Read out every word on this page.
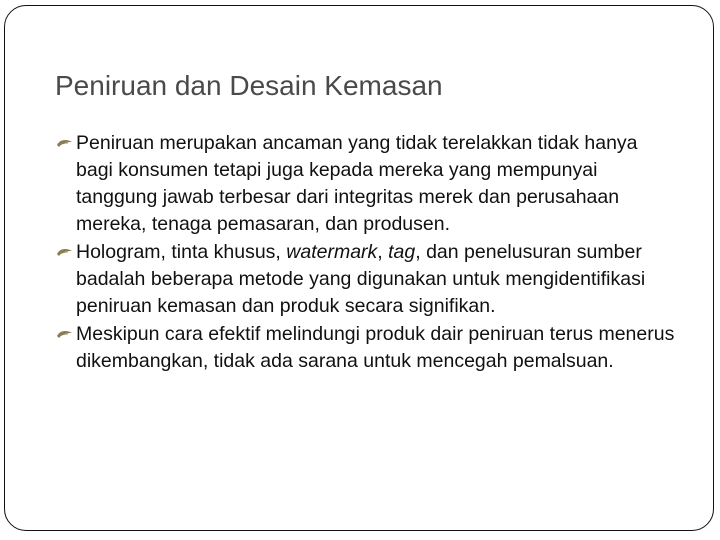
Peniruan dan Desain Kemasan
Peniruan merupakan ancaman yang tidak terelakkan tidak hanya bagi konsumen tetapi juga kepada mereka yang mempunyai tanggung jawab terbesar dari integritas merek dan perusahaan mereka, tenaga pemasaran, dan produsen.
Hologram, tinta khusus, watermark, tag, dan penelusuran sumber badalah beberapa metode yang digunakan untuk mengidentifikasi peniruan kemasan dan produk secara signifikan.
Meskipun cara efektif melindungi produk dair peniruan terus menerus dikembangkan, tidak ada sarana untuk mencegah pemalsuan.
